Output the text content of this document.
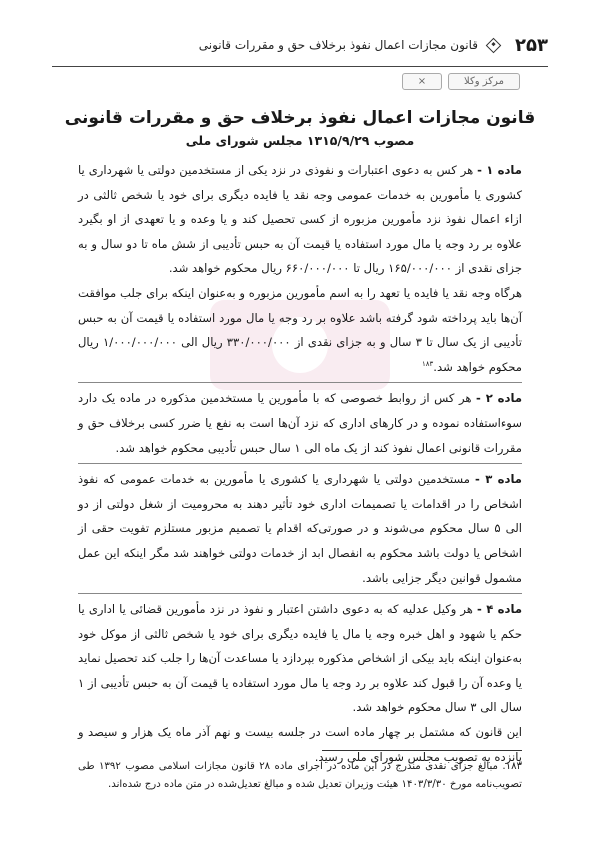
۲۵۳
قانون مجازات اعمال نفوذ برخلاف حق و مقررات قانونی
×	مرکز وکلا
قانون مجازات اعمال نفوذ برخلاف حق و مقررات قانونی
مصوب ۱۳۱۵/۹/۲۹ مجلس شورای ملی

ماده ۱ - هر کس به دعوی اعتبارات و نفوذی در نزد یکی از مستخدمین دولتی یا شهرداری یا کشوری یا مأمورین به خدمات عمومی وجه نقد یا فایده دیگری برای خود یا شخص ثالثی در ازاء اعمال نفوذ نزد مأمورین مزبوره از کسی تحصیل کند و یا وعده و یا تعهدی از او بگیرد علاوه بر رد وجه یا مال مورد استفاده یا قیمت آن به حبس تأدیبی از شش ماه تا دو سال و به جزای نقدی از ۱۶۵/۰۰۰/۰۰۰ ریال تا ۶۶۰/۰۰۰/۰۰۰ ریال محکوم خواهد شد.

هرگاه وجه نقد یا فایده یا تعهد را به اسم مأمورین مزبوره و به‌عنوان اینکه برای جلب موافقت آن‌ها باید پرداخته شود گرفته باشد علاوه بر رد وجه یا مال مورد استفاده یا قیمت آن به حبس تأدیبی از یک سال تا ۳ سال و به جزای نقدی از ۳۳۰/۰۰۰/۰۰۰ ریال الی ۱/۰۰۰/۰۰۰/۰۰۰ ریال محکوم خواهد شد.$^{۱۸۳}$

ماده ۲ - هر کس از روابط خصوصی که با مأمورین یا مستخدمین مذکوره در ماده یک دارد سوءاستفاده نموده و در کارهای اداری که نزد آن‌ها است به نفع یا ضرر کسی برخلاف حق و مقررات قانونی اعمال نفوذ کند از یک ماه الی ۱ سال حبس تأدیبی محکوم خواهد شد.

ماده ۳ - مستخدمین دولتی یا شهرداری یا کشوری یا مأمورین به خدمات عمومی که نفوذ اشخاص را در اقدامات یا تصمیمات اداری خود تأثیر دهند به محرومیت از شغل دولتی از دو الی ۵ سال محکوم می‌شوند و در صورتی‌که اقدام یا تصمیم مزبور مستلزم تفویت حقی از اشخاص یا دولت باشد محکوم به انفصال ابد از خدمات دولتی خواهند شد مگر اینکه این عمل مشمول قوانین دیگر جزایی باشد.

ماده ۴ - هر وکیل عدلیه که به دعوی داشتن اعتبار و نفوذ در نزد مأمورین قضائی یا اداری یا حکم یا شهود و اهل خبره وجه یا مال یا فایده دیگری برای خود یا شخص ثالثی از موکل خود به‌عنوان اینکه باید بیکی از اشخاص مذکوره بپردازد یا مساعدت آن‌ها را جلب کند تحصیل نماید یا وعده آن را قبول کند علاوه بر رد وجه یا مال مورد استفاده یا قیمت آن به حبس تأدیبی از ۱ سال الی ۳ سال محکوم خواهد شد.

این قانون که مشتمل بر چهار ماده است در جلسه بیست و نهم آذر ماه یک هزار و سیصد و پانزده به تصویب مجلس شورای ملی رسید.

۱۸۳. مبالغ جزای نقدی مندرج در این ماده در اجرای ماده ۲۸ قانون مجازات اسلامی مصوب ۱۳۹۲ طی تصویب‌نامه مورخ ۱۴۰۳/۳/۳۰ هیئت وزیران تعدیل شده و مبالغ تعدیل‌شده در متن ماده درج شده‌اند.
